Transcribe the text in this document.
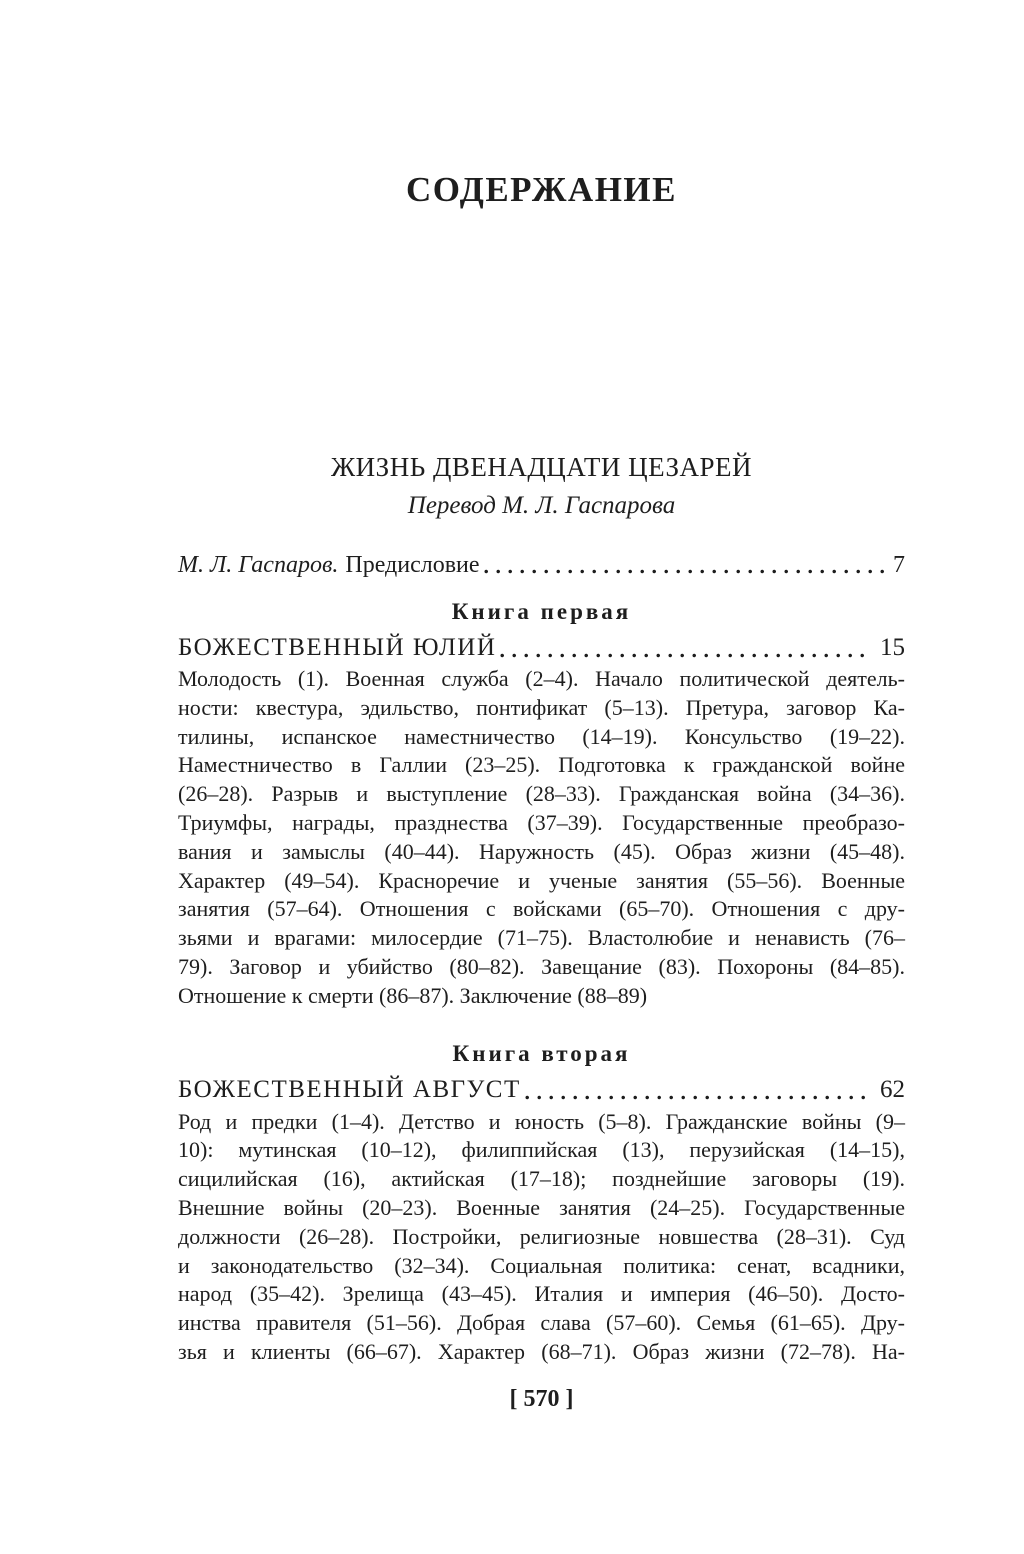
СОДЕРЖАНИЕ
ЖИЗНЬ ДВЕНАДЦАТИ ЦЕЗАРЕЙ
Перевод М. Л. Гаспарова
М. Л. Гаспаров. Предисловие	7
Книга первая
БОЖЕСТВЕННЫЙ ЮЛИЙ	15
Молодость (1). Военная служба (2–4). Начало политической деятель-
ности: квестура, эдильство, понтификат (5–13). Претура, заговор Ка-
тилины, испанское наместничество (14–19). Консульство (19–22).
Наместничество в Галлии (23–25). Подготовка к гражданской войне
(26–28). Разрыв и выступление (28–33). Гражданская война (34–36).
Триумфы, награды, празднества (37–39). Государственные преобразо-
вания и замыслы (40–44). Наружность (45). Образ жизни (45–48).
Характер (49–54). Красноречие и ученые занятия (55–56). Военные
занятия (57–64). Отношения с войсками (65–70). Отношения с дру-
зьями и врагами: милосердие (71–75). Властолюбие и ненависть (76–
79). Заговор и убийство (80–82). Завещание (83). Похороны (84–85).
Отношение к смерти (86–87). Заключение (88–89)
Книга вторая
БОЖЕСТВЕННЫЙ АВГУСТ	62
Род и предки (1–4). Детство и юность (5–8). Гражданские войны (9–
10): мутинская (10–12), филиппийская (13), перузийская (14–15),
сицилийская (16), актийская (17–18); позднейшие заговоры (19).
Внешние войны (20–23). Военные занятия (24–25). Государственные
должности (26–28). Постройки, религиозные новшества (28–31). Суд
и законодательство (32–34). Социальная политика: сенат, всадники,
народ (35–42). Зрелища (43–45). Италия и империя (46–50). Досто-
инства правителя (51–56). Добрая слава (57–60). Семья (61–65). Дру-
зья и клиенты (66–67). Характер (68–71). Образ жизни (72–78). На-
[ 570 ]
